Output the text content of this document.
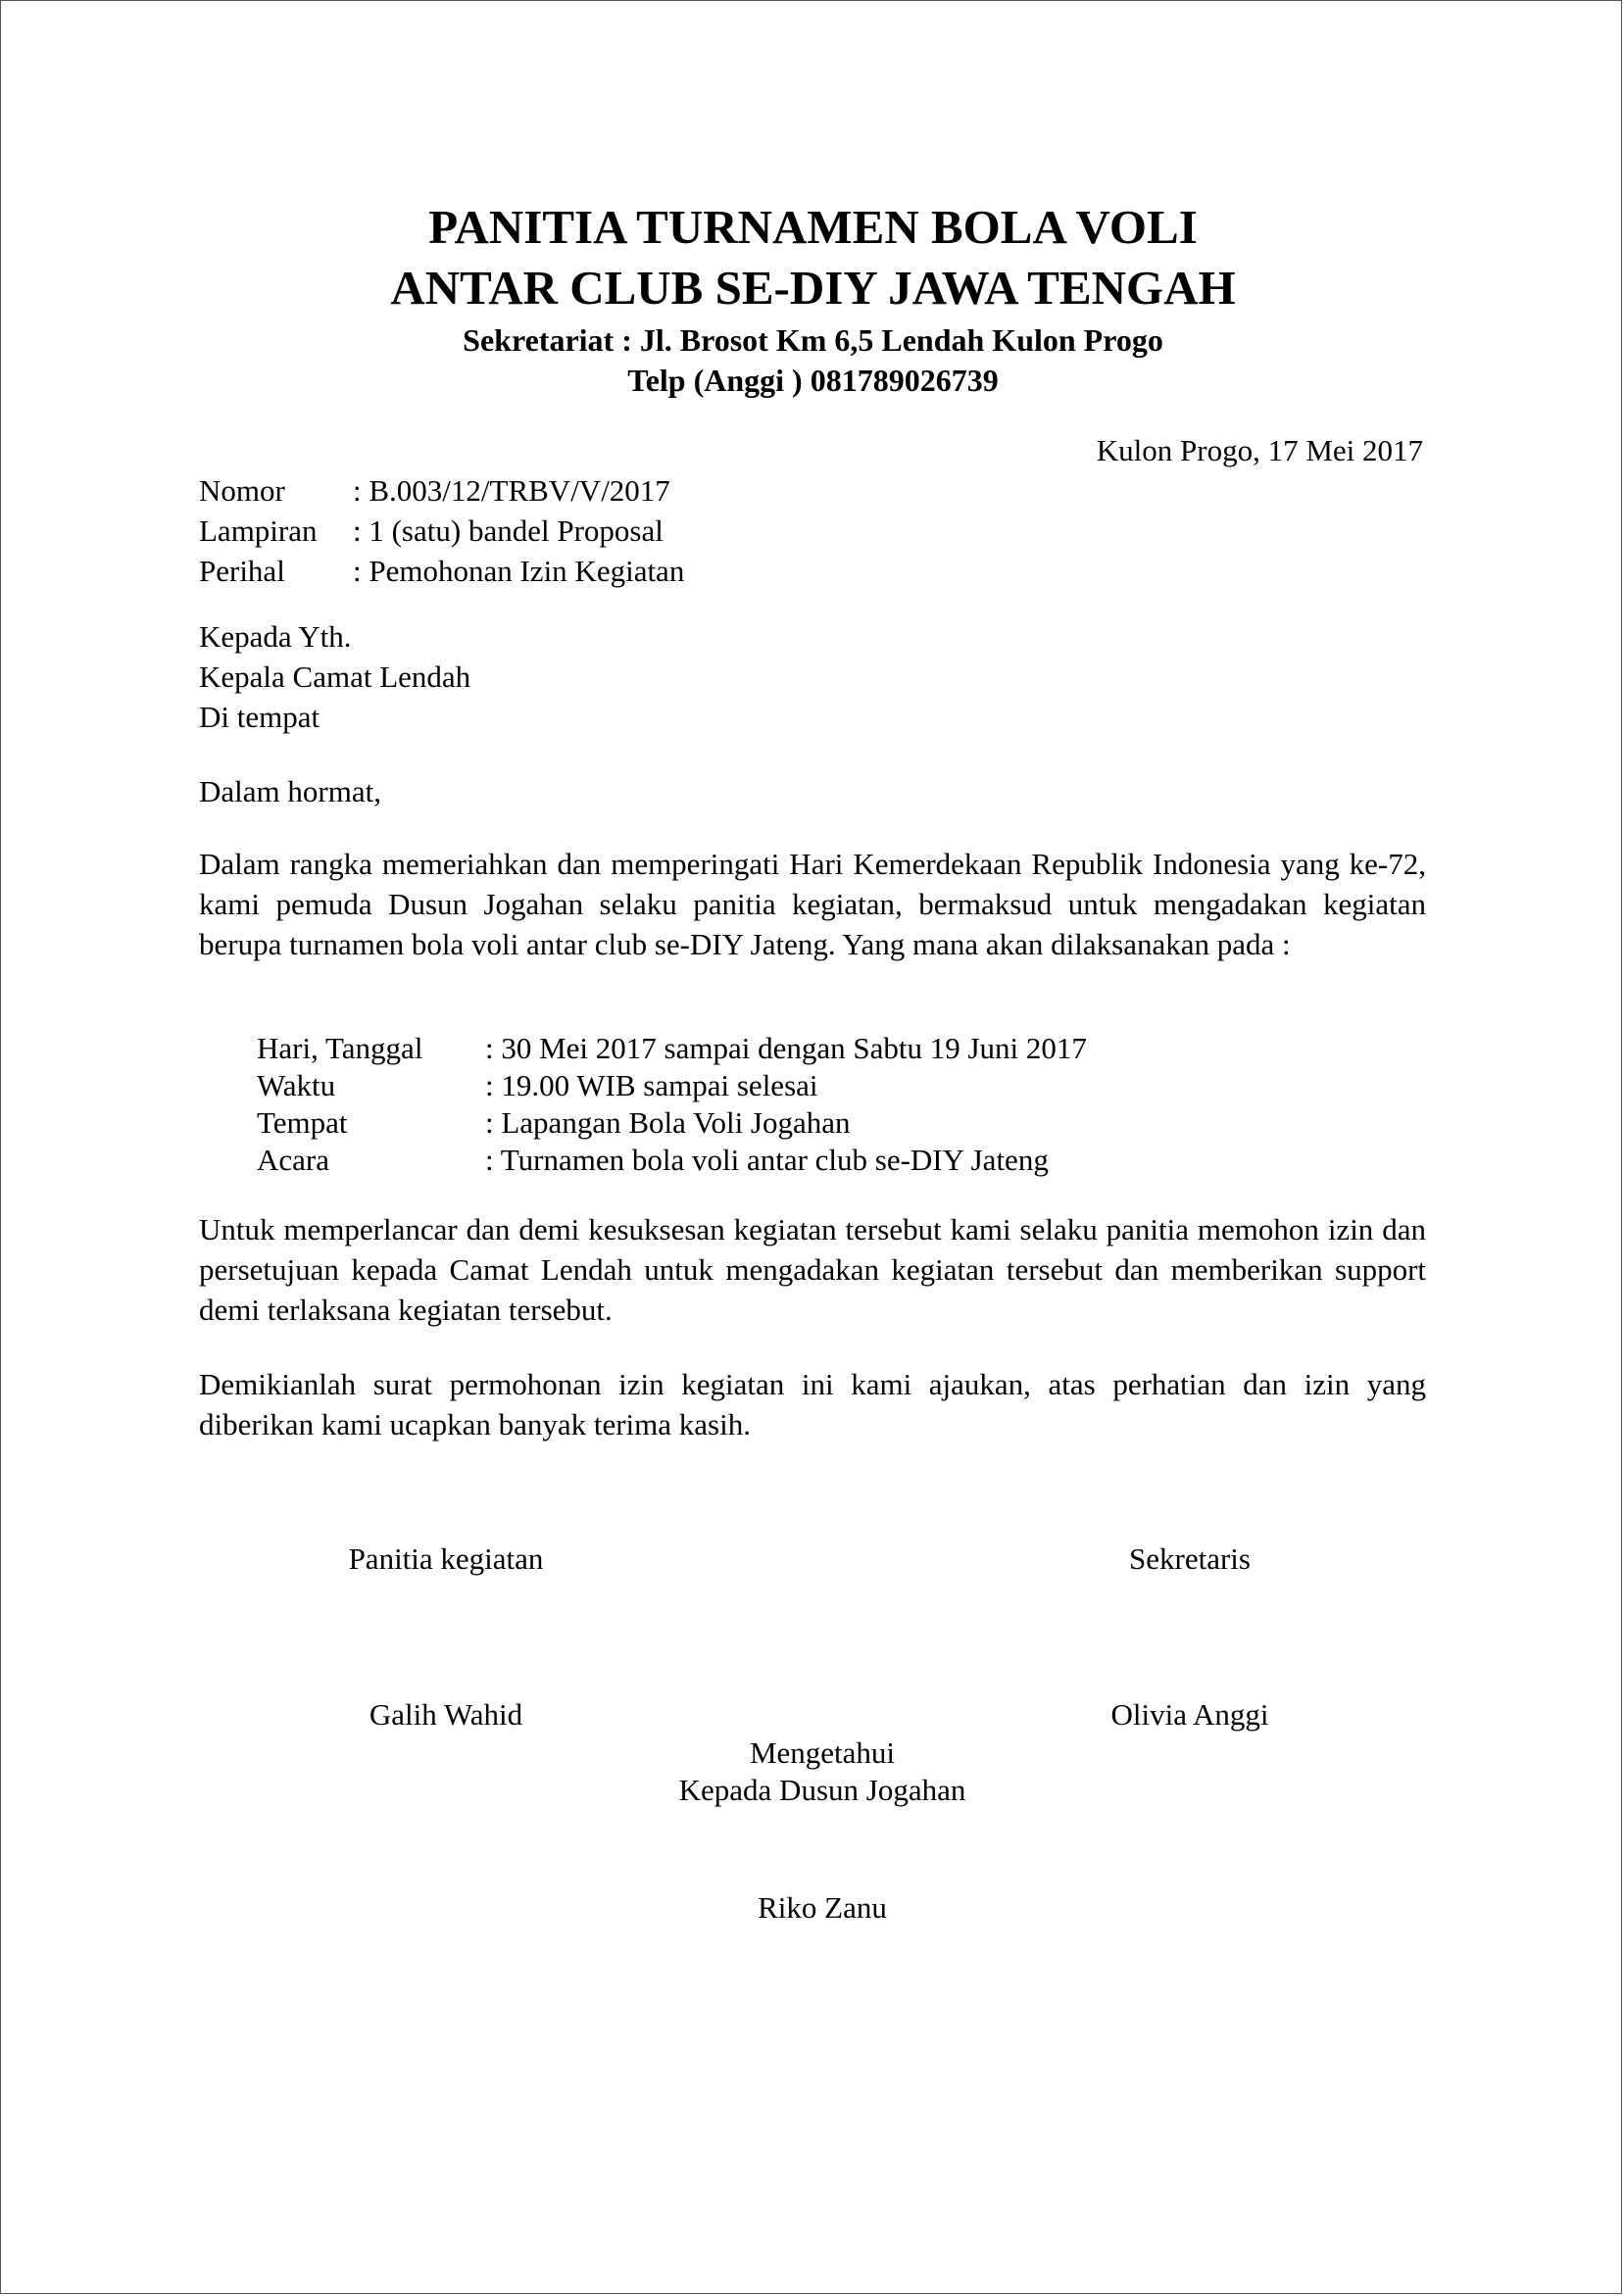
PANITIA TURNAMEN BOLA VOLI
ANTAR CLUB SE-DIY JAWA TENGAH
Sekretariat : Jl. Brosot Km 6,5 Lendah Kulon Progo
Telp (Anggi ) 081789026739
Kulon Progo, 17 Mei 2017
Nomor : B.003/12/TRBV/V/2017
Lampiran : 1 (satu) bandel Proposal
Perihal : Pemohonan Izin Kegiatan
Kepada Yth.
Kepala Camat Lendah
Di tempat
Dalam hormat,
Dalam rangka memeriahkan dan memperingati Hari Kemerdekaan Republik Indonesia yang ke-72, kami pemuda Dusun Jogahan selaku panitia kegiatan, bermaksud untuk mengadakan kegiatan berupa turnamen bola voli antar club se-DIY Jateng. Yang mana akan dilaksanakan pada :
Hari, Tanggal : 30 Mei 2017 sampai dengan Sabtu 19 Juni 2017
Waktu	: 19.00 WIB sampai selesai
Tempat	: Lapangan Bola Voli Jogahan
Acara	: Turnamen bola voli antar club se-DIY Jateng
Untuk memperlancar dan demi kesuksesan kegiatan tersebut kami selaku panitia memohon izin dan persetujuan kepada Camat Lendah untuk mengadakan kegiatan tersebut dan memberikan support demi terlaksana kegiatan tersebut.
Demikianlah surat permohonan izin kegiatan ini kami ajaukan, atas perhatian dan izin yang diberikan kami ucapkan banyak terima kasih.
Panitia kegiatan	Sekretaris
Galih Wahid	Olivia Anggi
Mengetahui
Kepada Dusun Jogahan
Riko Zanu
